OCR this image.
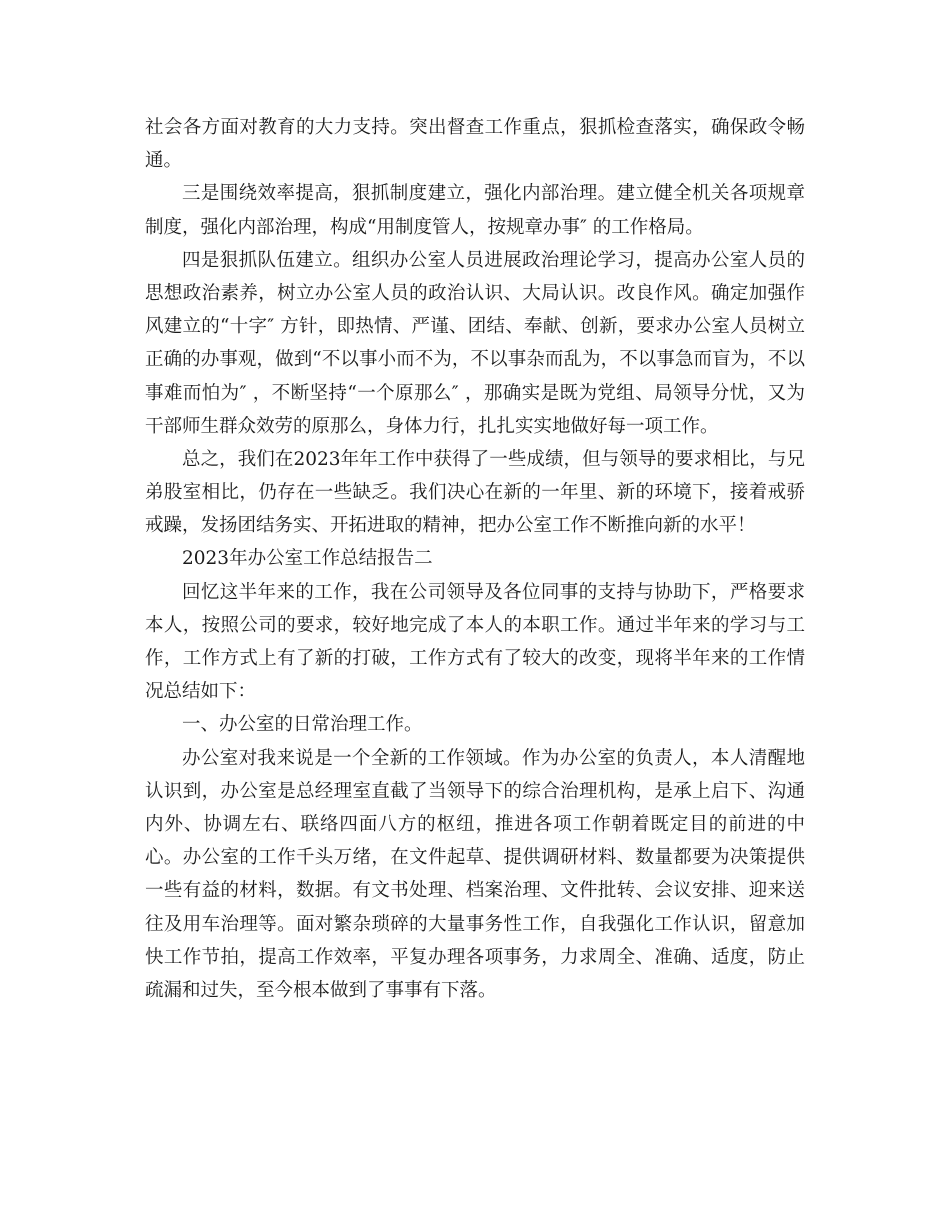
社会各方面对教育的大力支持。突出督查工作重点，狠抓检查落实，确保政令畅
通。
三是围绕效率提高，狠抓制度建立，强化内部治理。建立健全机关各项规章
制度，强化内部治理，构成“用制度管人，按规章办事″ 的工作格局。
四是狠抓队伍建立。组织办公室人员进展政治理论学习，提高办公室人员的
思想政治素养，树立办公室人员的政治认识、大局认识。改良作风。确定加强作
风建立的“十字″ 方针，即热情、严谨、团结、奉献、创新，要求办公室人员树立
正确的办事观，做到“不以事小而不为，不以事杂而乱为，不以事急而盲为，不以
事难而怕为″ ，不断坚持“一个原那么″ ，那确实是既为党组、局领导分忧，又为
干部师生群众效劳的原那么，身体力行，扎扎实实地做好每一项工作。
总之，我们在2023年年工作中获得了一些成绩，但与领导的要求相比，与兄
弟股室相比，仍存在一些缺乏。我们决心在新的一年里、新的环境下，接着戒骄
戒躁，发扬团结务实、开拓进取的精神，把办公室工作不断推向新的水平！
2023年办公室工作总结报告二
回忆这半年来的工作，我在公司领导及各位同事的支持与协助下，严格要求
本人，按照公司的要求，较好地完成了本人的本职工作。通过半年来的学习与工
作，工作方式上有了新的打破，工作方式有了较大的改变，现将半年来的工作情
况总结如下：
一、办公室的日常治理工作。
办公室对我来说是一个全新的工作领域。作为办公室的负责人，本人清醒地
认识到，办公室是总经理室直截了当领导下的综合治理机构，是承上启下、沟通
内外、协调左右、联络四面八方的枢纽，推进各项工作朝着既定目的前进的中
心。办公室的工作千头万绪，在文件起草、提供调研材料、数量都要为决策提供
一些有益的材料，数据。有文书处理、档案治理、文件批转、会议安排、迎来送
往及用车治理等。面对繁杂琐碎的大量事务性工作，自我强化工作认识，留意加
快工作节拍，提高工作效率，平复办理各项事务，力求周全、准确、适度，防止
疏漏和过失，至今根本做到了事事有下落。
